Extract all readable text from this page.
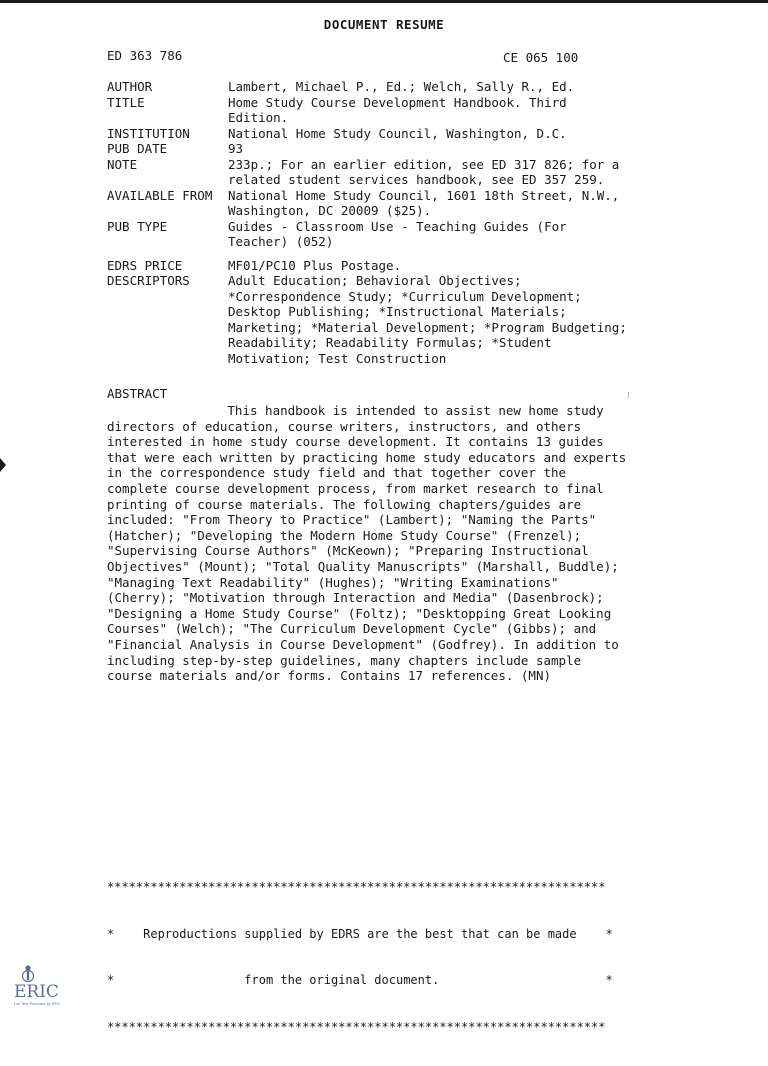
DOCUMENT RESUME
ED 363 786	CE 065 100
AUTHOR	Lambert, Michael P., Ed.; Welch, Sally R., Ed.
TITLE	Home Study Course Development Handbook. Third
Edition.
INSTITUTION	National Home Study Council, Washington, D.C.
PUB DATE	93
NOTE	233p.; For an earlier edition, see ED 317 826; for a
related student services handbook, see ED 357 259.
AVAILABLE FROM	National Home Study Council, 1601 18th Street, N.W.,
Washington, DC 20009 ($25).
PUB TYPE	Guides - Classroom Use - Teaching Guides (For
Teacher) (052)
EDRS PRICE	MF01/PC10 Plus Postage.
DESCRIPTORS	Adult Education; Behavioral Objectives;
*Correspondence Study; *Curriculum Development;
Desktop Publishing; *Instructional Materials;
Marketing; *Material Development; *Program Budgeting;
Readability; Readability Formulas; *Student
Motivation; Test Construction
ABSTRACT
This handbook is intended to assist new home study
directors of education, course writers, instructors, and others
interested in home study course development. It contains 13 guides
that were each written by practicing home study educators and experts
in the correspondence study field and that together cover the
complete course development process, from market research to final
printing of course materials. The following chapters/guides are
included: "From Theory to Practice" (Lambert); "Naming the Parts"
(Hatcher); "Developing the Modern Home Study Course" (Frenzel);
"Supervising Course Authors" (McKeown); "Preparing Instructional
Objectives" (Mount); "Total Quality Manuscripts" (Marshall, Buddle);
"Managing Text Readability" (Hughes); "Writing Examinations"
(Cherry); "Motivation through Interaction and Media" (Dasenbrock);
"Designing a Home Study Course" (Foltz); "Desktopping Great Looking
Courses" (Welch); "The Curriculum Development Cycle" (Gibbs); and
"Financial Analysis in Course Development" (Godfrey). In addition to
including step-by-step guidelines, many chapters include sample
course materials and/or forms. Contains 17 references. (MN)

*********************************************************************

*    Reproductions supplied by EDRS are the best that can be made    *

*                  from the original document.                       *

*********************************************************************

ERIC
Full Text Provided by ERIC
